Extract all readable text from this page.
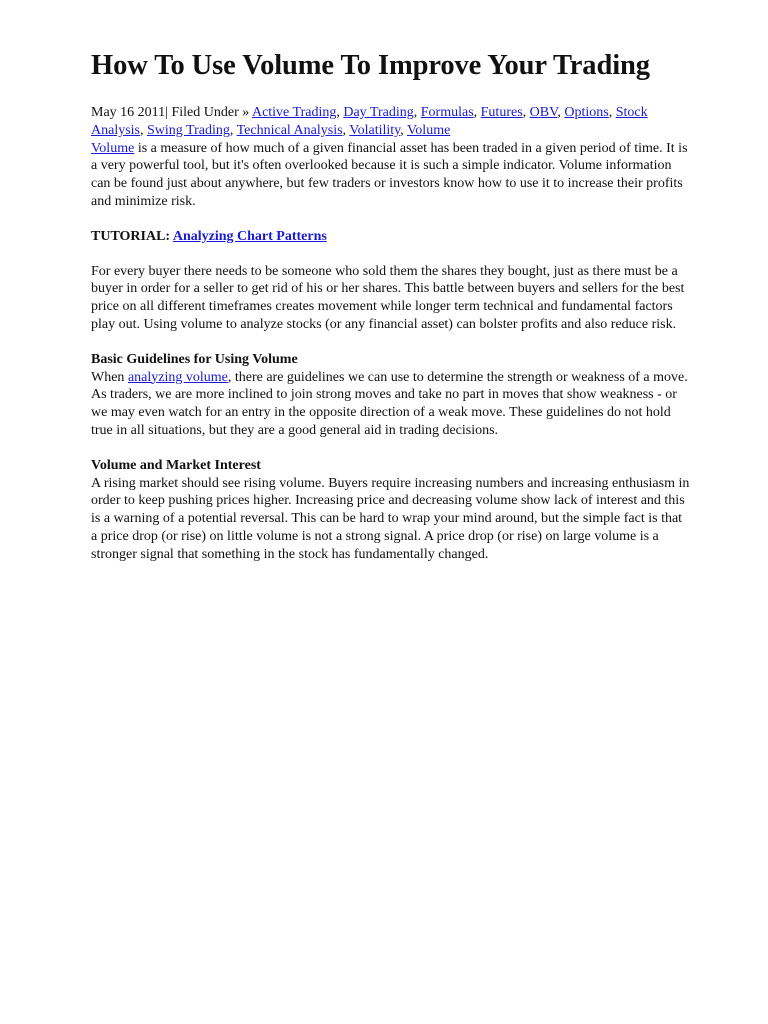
How To Use Volume To Improve Your Trading
May 16 2011| Filed Under » Active Trading, Day Trading, Formulas, Futures, OBV, Options, Stock Analysis, Swing Trading, Technical Analysis, Volatility, Volume

Volume is a measure of how much of a given financial asset has been traded in a given period of time. It is a very powerful tool, but it's often overlooked because it is such a simple indicator. Volume information can be found just about anywhere, but few traders or investors know how to use it to increase their profits and minimize risk.

TUTORIAL: Analyzing Chart Patterns

For every buyer there needs to be someone who sold them the shares they bought, just as there must be a buyer in order for a seller to get rid of his or her shares. This battle between buyers and sellers for the best price on all different timeframes creates movement while longer term technical and fundamental factors play out. Using volume to analyze stocks (or any financial asset) can bolster profits and also reduce risk.

Basic Guidelines for Using Volume

When analyzing volume, there are guidelines we can use to determine the strength or weakness of a move. As traders, we are more inclined to join strong moves and take no part in moves that show weakness - or we may even watch for an entry in the opposite direction of a weak move. These guidelines do not hold true in all situations, but they are a good general aid in trading decisions.

Volume and Market Interest

A rising market should see rising volume. Buyers require increasing numbers and increasing enthusiasm in order to keep pushing prices higher. Increasing price and decreasing volume show lack of interest and this is a warning of a potential reversal. This can be hard to wrap your mind around, but the simple fact is that a price drop (or rise) on little volume is not a strong signal. A price drop (or rise) on large volume is a stronger signal that something in the stock has fundamentally changed.
